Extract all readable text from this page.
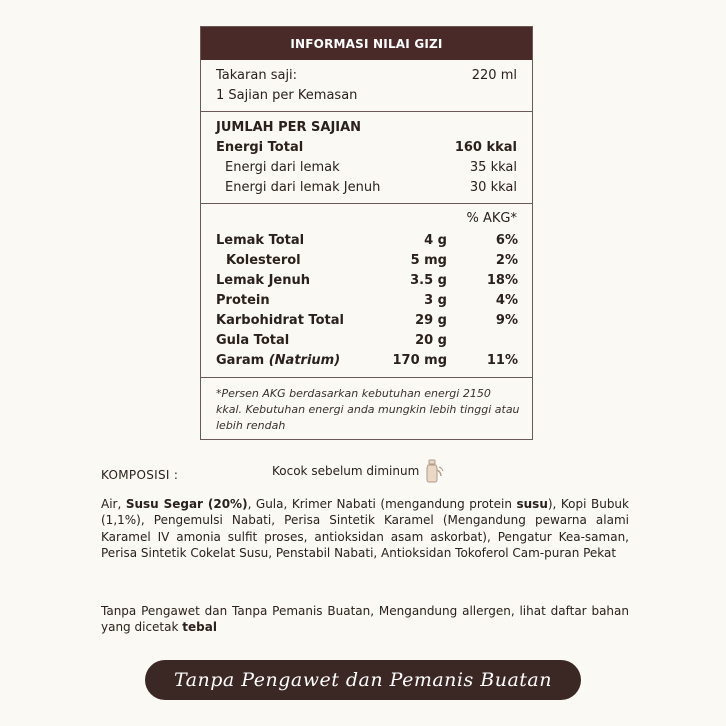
INFORMASI NILAI GIZI
Takaran saji:	220 ml
1 Sajian per Kemasan
JUMLAH PER SAJIAN
Energi Total	160 kkal
Energi dari lemak	35 kkal
Energi dari lemak Jenuh	30 kkal
% AKG*
Lemak Total	4 g	6%
Kolesterol	5 mg	2%
Lemak Jenuh	3.5 g	18%
Protein	3 g	4%
Karbohidrat Total	29 g	9%
Gula Total	20 g
Garam (Natrium)	170 mg	11%
*Persen AKG berdasarkan kebutuhan energi 2150 kkal. Kebutuhan energi anda mungkin lebih tinggi atau lebih rendah
Kocok sebelum diminum
KOMPOSISI :

Air, Susu Segar (20%), Gula, Krimer Nabati (mengandung protein susu), Kopi Bubuk (1,1%), Pengemulsi Nabati, Perisa Sintetik Karamel (Mengandung pewarna alami Karamel IV amonia sulfit proses, antioksidan asam askorbat), Pengatur Kea-saman, Perisa Sintetik Cokelat Susu, Penstabil Nabati, Antioksidan Tokoferol Cam-puran Pekat

Tanpa Pengawet dan Tanpa Pemanis Buatan, Mengandung allergen, lihat daftar bahan yang dicetak tebal

Tanpa Pengawet dan Pemanis Buatan
